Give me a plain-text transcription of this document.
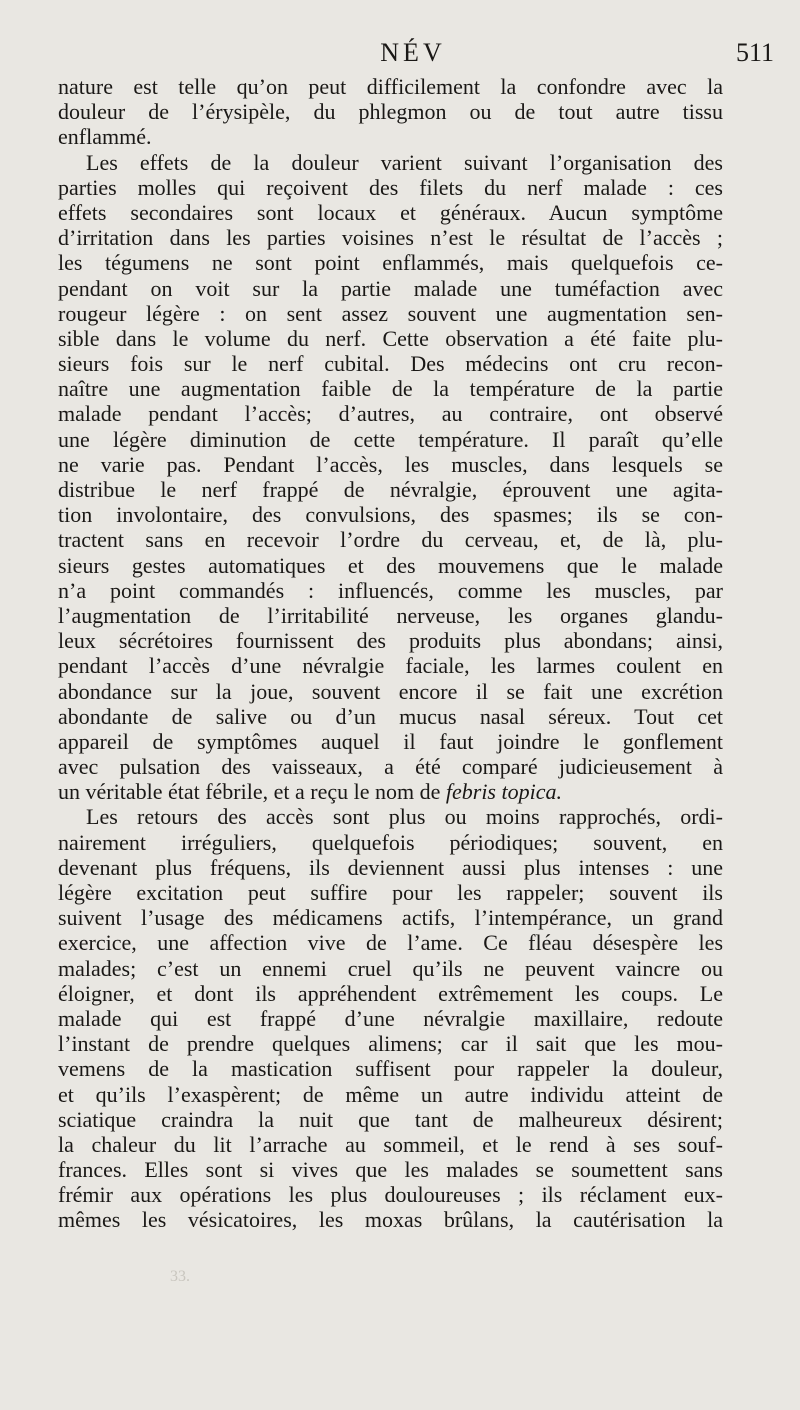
NÉV	511
nature est telle qu’on peut difficilement la confondre avec la
douleur de l’érysipèle, du phlegmon ou de tout autre tissu
enflammé.
Les effets de la douleur varient suivant l’organisation des
parties molles qui reçoivent des filets du nerf malade : ces
effets secondaires sont locaux et généraux. Aucun symptôme
d’irritation dans les parties voisines n’est le résultat de l’accès ;
les tégumens ne sont point enflammés, mais quelquefois ce-
pendant on voit sur la partie malade une tuméfaction avec
rougeur légère : on sent assez souvent une augmentation sen-
sible dans le volume du nerf. Cette observation a été faite plu-
sieurs fois sur le nerf cubital. Des médecins ont cru recon-
naître une augmentation faible de la température de la partie
malade pendant l’accès; d’autres, au contraire, ont observé
une légère diminution de cette température. Il paraît qu’elle
ne varie pas. Pendant l’accès, les muscles, dans lesquels se
distribue le nerf frappé de névralgie, éprouvent une agita-
tion involontaire, des convulsions, des spasmes; ils se con-
tractent sans en recevoir l’ordre du cerveau, et, de là, plu-
sieurs gestes automatiques et des mouvemens que le malade
n’a point commandés : influencés, comme les muscles, par
l’augmentation de l’irritabilité nerveuse, les organes glandu-
leux sécrétoires fournissent des produits plus abondans; ainsi,
pendant l’accès d’une névralgie faciale, les larmes coulent en
abondance sur la joue, souvent encore il se fait une excrétion
abondante de salive ou d’un mucus nasal séreux. Tout cet
appareil de symptômes auquel il faut joindre le gonflement
avec pulsation des vaisseaux, a été comparé judicieusement à
un véritable état fébrile, et a reçu le nom de febris topica.
Les retours des accès sont plus ou moins rapprochés, ordi-
nairement irréguliers, quelquefois périodiques; souvent, en
devenant plus fréquens, ils deviennent aussi plus intenses : une
légère excitation peut suffire pour les rappeler; souvent ils
suivent l’usage des médicamens actifs, l’intempérance, un grand
exercice, une affection vive de l’ame. Ce fléau désespère les
malades; c’est un ennemi cruel qu’ils ne peuvent vaincre ou
éloigner, et dont ils appréhendent extrêmement les coups. Le
malade qui est frappé d’une névralgie maxillaire, redoute
l’instant de prendre quelques alimens; car il sait que les mou-
vemens de la mastication suffisent pour rappeler la douleur,
et qu’ils l’exaspèrent; de même un autre individu atteint de
sciatique craindra la nuit que tant de malheureux désirent;
la chaleur du lit l’arrache au sommeil, et le rend à ses souf-
frances. Elles sont si vives que les malades se soumettent sans
frémir aux opérations les plus douloureuses ; ils réclament eux-
mêmes les vésicatoires, les moxas brûlans, la cautérisation la
33.
